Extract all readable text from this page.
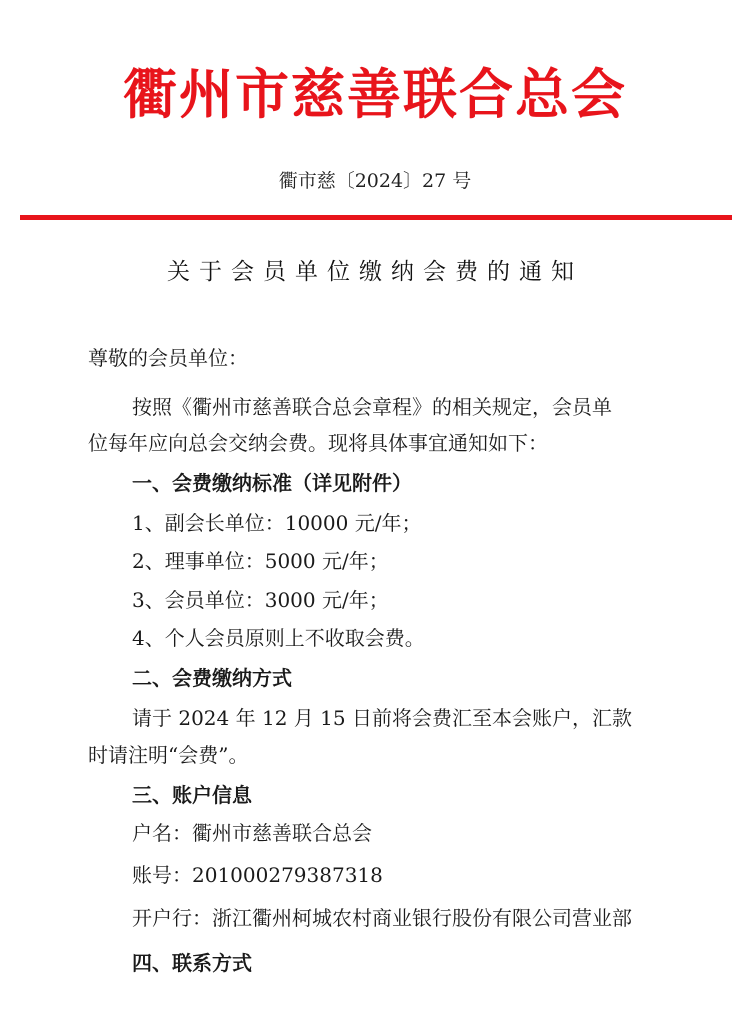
衢州市慈善联合总会
衢市慈〔2024〕27 号
关于会员单位缴纳会费的通知
尊敬的会员单位：
按照《衢州市慈善联合总会章程》的相关规定，会员单
位每年应向总会交纳会费。现将具体事宜通知如下：
一、会费缴纳标准（详见附件）
1、副会长单位：10000 元/年；
2、理事单位：5000 元/年；
3、会员单位：3000 元/年；
4、个人会员原则上不收取会费。
二、会费缴纳方式
请于 2024 年 12 月 15 日前将会费汇至本会账户，汇款
时请注明“会费”。
三、账户信息
户名：衢州市慈善联合总会
账号：201000279387318
开户行：浙江衢州柯城农村商业银行股份有限公司营业部
四、联系方式
